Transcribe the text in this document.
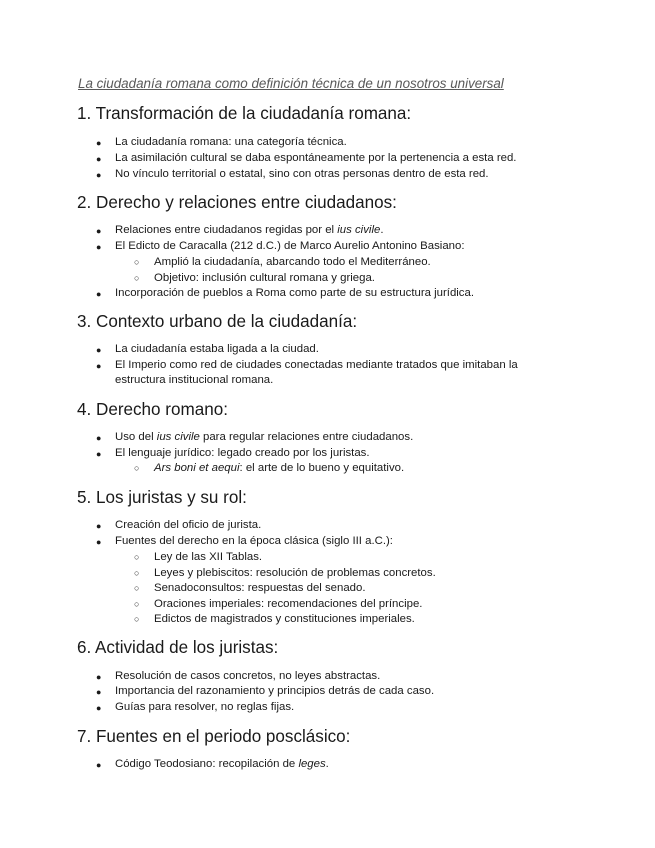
La ciudadanía romana como definición técnica de un nosotros universal
1. Transformación de la ciudadanía romana:
● La ciudadanía romana: una categoría técnica.
● La asimilación cultural se daba espontáneamente por la pertenencia a esta red.
● No vínculo territorial o estatal, sino con otras personas dentro de esta red.
2. Derecho y relaciones entre ciudadanos:
● Relaciones entre ciudadanos regidas por el ius civile.
● El Edicto de Caracalla (212 d.C.) de Marco Aurelio Antonino Basiano:
○ Amplió la ciudadanía, abarcando todo el Mediterráneo.
○ Objetivo: inclusión cultural romana y griega.
● Incorporación de pueblos a Roma como parte de su estructura jurídica.
3. Contexto urbano de la ciudadanía:
● La ciudadanía estaba ligada a la ciudad.
● El Imperio como red de ciudades conectadas mediante tratados que imitaban la
estructura institucional romana.
4. Derecho romano:
● Uso del ius civile para regular relaciones entre ciudadanos.
● El lenguaje jurídico: legado creado por los juristas.
○ Ars boni et aequi: el arte de lo bueno y equitativo.
5. Los juristas y su rol:
● Creación del oficio de jurista.
● Fuentes del derecho en la época clásica (siglo III a.C.):
○ Ley de las XII Tablas.
○ Leyes y plebiscitos: resolución de problemas concretos.
○ Senadoconsultos: respuestas del senado.
○ Oraciones imperiales: recomendaciones del príncipe.
○ Edictos de magistrados y constituciones imperiales.
6. Actividad de los juristas:
● Resolución de casos concretos, no leyes abstractas.
● Importancia del razonamiento y principios detrás de cada caso.
● Guías para resolver, no reglas fijas.
7. Fuentes en el periodo posclásico:
● Código Teodosiano: recopilación de leges.
